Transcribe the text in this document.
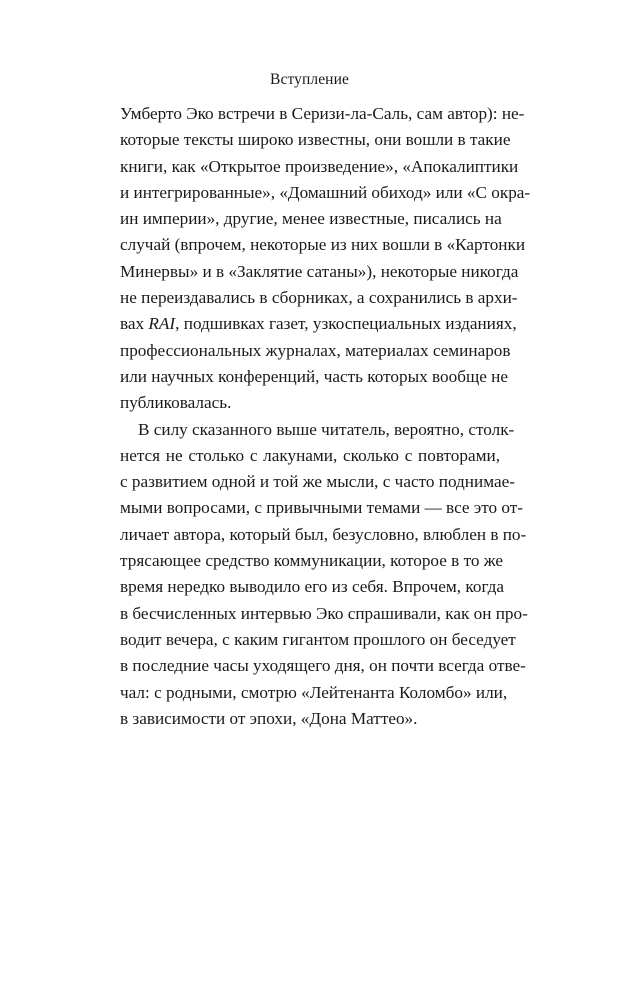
Вступление

Умберто Эко встречи в Серизи-ла-Саль, сам автор): не-
которые тексты широко известны, они вошли в такие
книги, как «Открытое произведение», «Апокалиптики
и интегрированные», «Домашний обиход» или «С окра-
ин империи», другие, менее известные, писались на
случай (впрочем, некоторые из них вошли в «Картонки
Минервы» и в «Заклятие сатаны»), некоторые никогда
не переиздавались в сборниках, а сохранились в архи-
вах RAI, подшивках газет, узкоспециальных изданиях,
профессиональных журналах, материалах семинаров
или научных конференций, часть которых вообще не
публиковалась.

В силу сказанного выше читатель, вероятно, столк-
нется не столько с лакунами, сколько с повторами,
с развитием одной и той же мысли, с часто поднимае-
мыми вопросами, с привычными темами — все это от-
личает автора, который был, безусловно, влюблен в по-
трясающее средство коммуникации, которое в то же
время нередко выводило его из себя. Впрочем, когда
в бесчисленных интервью Эко спрашивали, как он про-
водит вечера, с каким гигантом прошлого он беседует
в последние часы уходящего дня, он почти всегда отве-
чал: с родными, смотрю «Лейтенанта Коломбо» или,
в зависимости от эпохи, «Дона Маттео».
